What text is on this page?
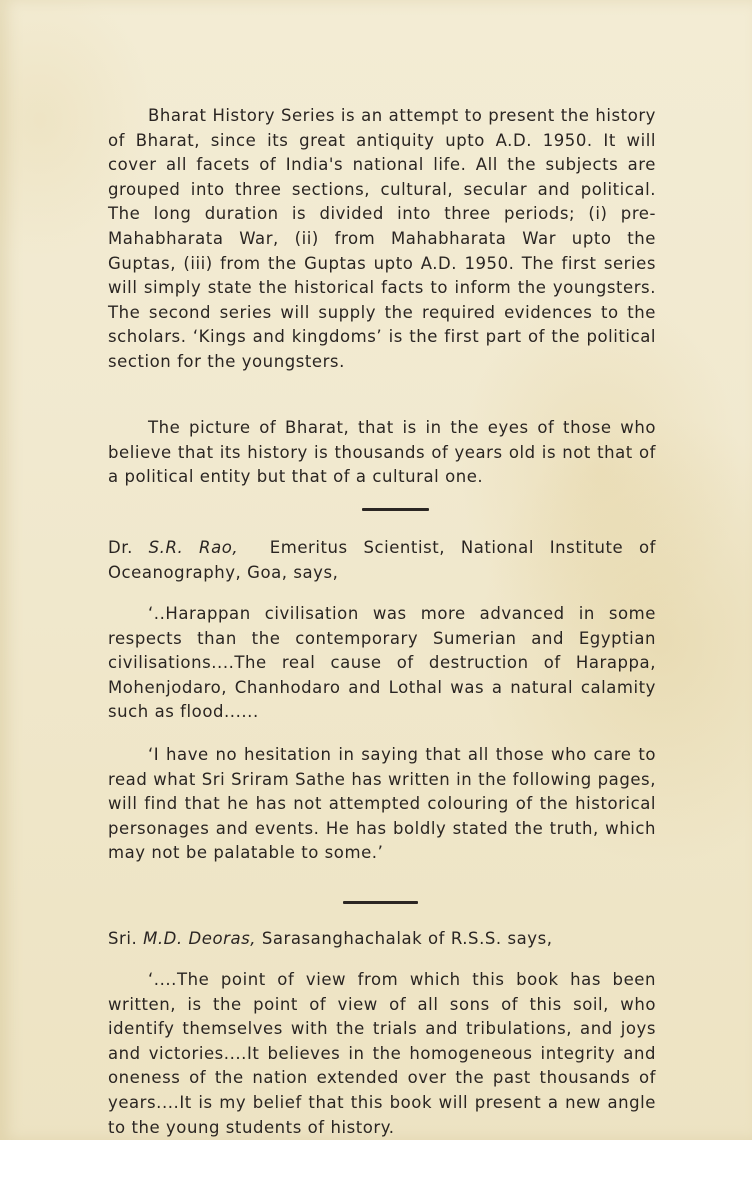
Bharat History Series is an attempt to present the history of Bharat, since its great antiquity upto A.D. 1950. It will cover all facets of India's national life. All the subjects are grouped into three sections, cultural, secular and political. The long duration is divided into three periods; (i) pre-Mahabharata War, (ii) from Mahabharata War upto the Guptas, (iii) from the Guptas upto A.D. 1950. The first series will simply state the historical facts to inform the youngsters. The second series will supply the required evidences to the scholars. ‘Kings and kingdoms’ is the first part of the political section for the youngsters.

The picture of Bharat, that is in the eyes of those who believe that its history is thousands of years old is not that of a political entity but that of a cultural one.

Dr. S.R. Rao, Emeritus Scientist, National Institute of Oceanography, Goa, says,

‘..Harappan civilisation was more advanced in some respects than the contemporary Sumerian and Egyptian civilisations....The real cause of destruction of Harappa, Mohenjodaro, Chanhodaro and Lothal was a natural calamity such as flood......

‘I have no hesitation in saying that all those who care to read what Sri Sriram Sathe has written in the following pages, will find that he has not attempted colouring of the historical personages and events. He has boldly stated the truth, which may not be palatable to some.’

Sri. M.D. Deoras, Sarasanghachalak of R.S.S. says,

‘....The point of view from which this book has been written, is the point of view of all sons of this soil, who identify themselves with the trials and tribulations, and joys and victories....It believes in the homogeneous integrity and oneness of the nation extended over the past thousands of years....It is my belief that this book will present a new angle to the young students of history.
